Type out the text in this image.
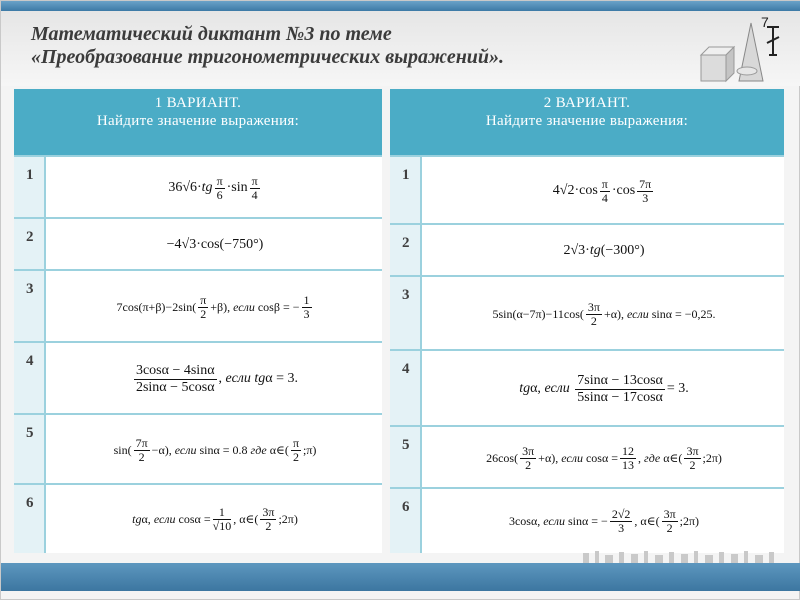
Математический диктант №3 по теме
«Преобразование тригонометрических выражений».
7
1 ВАРИАНТ.
Найдите значение выражения:
1
36√6· tg π
6 ·sin π
4
2	−4√3·cos(−750°)
3
7cos(π+β)−2sin( π
2 +β), если cosβ = − 1
3
4
3cosα − 4sinα
2sinα − 5cosα
, если tg α = 3.
5
sin( 7π
2 −α), если sinα = 0.8 где α∈( π
2 ;π)
6
tg α, если cosα = 1
√10 , α∈( 3π
2 ;2π)
2 ВАРИАНТ.
Найдите значение выражения:
1
4√2·cos π
4 ·cos 7π
3
2	2√3· tg (−300°)
3
5sin(α−7π)−11cos( 3π
2 +α), если sinα = −0,25.
4
tg α, если
7sinα − 13cosα
5sinα − 17cosα
= 3.
5
26cos( 3π
2 +α), если cosα = 12
13 , где α∈( 3π
2 ;2π)
6
3cosα, если sinα = − 2√2
3 , α∈( 3π
2 ;2π)
